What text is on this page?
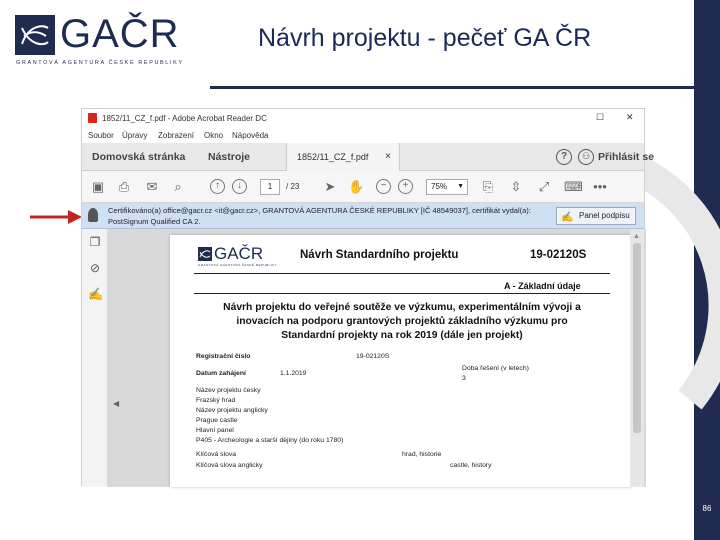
GAČR
GRANTOVÁ AGENTURA ČESKÉ REPUBLIKY
Návrh projektu - pečeť GA ČR
86
1852/11_CZ_f.pdf - Adobe Acrobat Reader DC	☐ ✕
Soubor Úpravy Zobrazení Okno Nápověda
Domovská stránka Nástroje	1852/11_CZ_f.pdf ×	?	⚇ Přihlásit se
▣ ⎙ ✉	⌕	↑	↓	1	/ 23 ➤ ✋	−	+	75% ▼ ⎘ ⇳ ⤢ ⌨ •••
Certifikováno(a) office@gacr.cz <it@gacr.cz>, GRANTOVÁ AGENTURA ČESKÉ REPUBLIKY [IČ 48549037], certifikát vydal(a):
PostSignum Qualified CA 2.	✍ Panel podpisu
GAČR
GRANTOVÁ AGENTURA ČESKÉ REPUBLIKY
Návrh Standardního projektu	19-02120S
A - Základní údaje
Návrh projektu do veřejné soutěže ve výzkumu, experimentálním vývoji a
inovacích na podporu grantových projektů základního výzkumu pro
Standardní projekty na rok 2019 (dále jen projekt)
Registrační číslo	19-02120S
Datum zahájení	1.1.2019
Doba řešení (v letech)
3
Název projektu česky
Frazský hrad
Název projektu anglicky
Prague castle
Hlavní panel
P405 - Archeologie a starší dějiny (do roku 1780)
Klíčová slova	hrad, historie
Klíčová slova anglicky	castle, history
❐
⊘
✍
◀
▲
